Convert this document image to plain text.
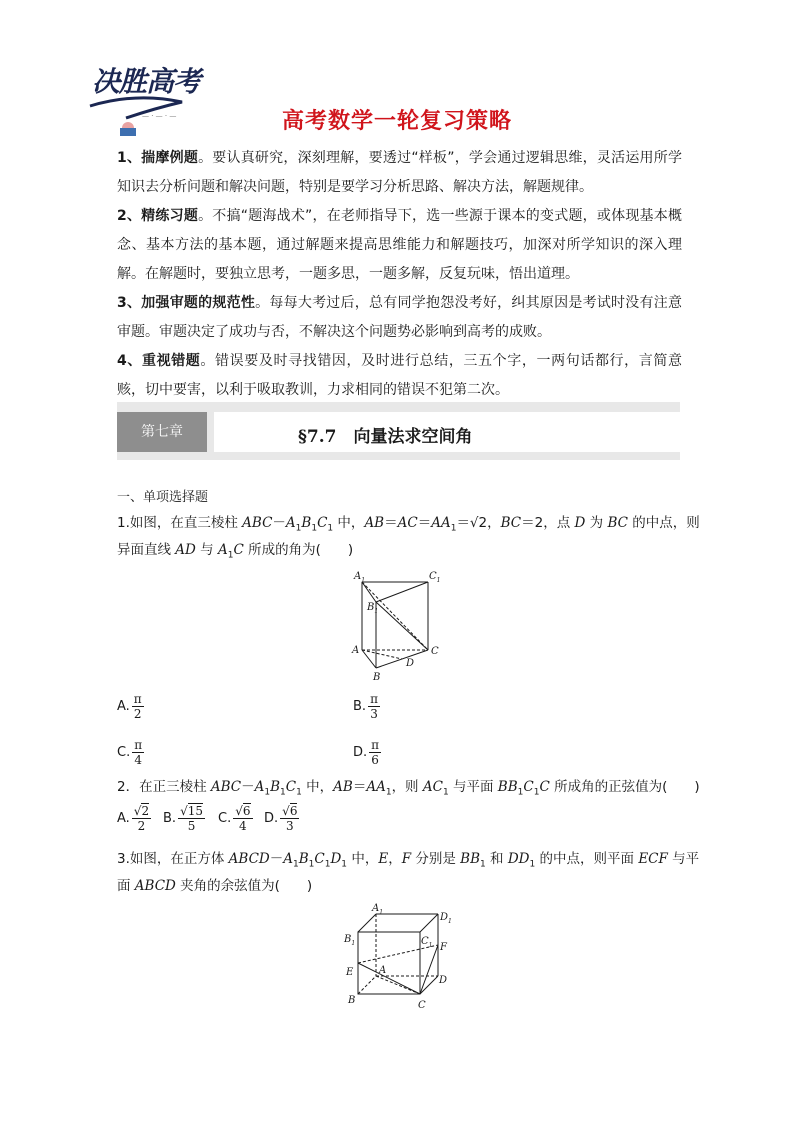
决胜高考
— · — · —	高考数学一轮复习策略

1、揣摩例题。要认真研究，深刻理解，要透过“样板”，学会通过逻辑思维，灵活运用所学知识去分析问题和解决问题，特别是要学习分析思路、解决方法，解题规律。

2、精练习题。不搞“题海战术”，在老师指导下，选一些源于课本的变式题，或体现基本概念、基本方法的基本题，通过解题来提高思维能力和解题技巧，加深对所学知识的深入理解。在解题时，要独立思考，一题多思，一题多解，反复玩味，悟出道理。

3、加强审题的规范性。每每大考过后，总有同学抱怨没考好，纠其原因是考试时没有注意审题。审题决定了成功与否，不解决这个问题势必影响到高考的成败。

4、重视错题。错误要及时寻找错因，及时进行总结，三五个字，一两句话都行，言简意赅，切中要害，以利于吸取教训，力求相同的错误不犯第二次。

第七章	§7.7　向量法求空间角
一、单项选择题
1.如图，在直三棱柱 $ABC-A_1B_1C_1$ 中，$AB=AC=AA_1=√2$，BC＝2，点 D 为 BC 的中点，则
异面直线 AD 与 $A_1C$ 所成的角为(　　)
$A_1$	$C_1$
$B_1$
A	C
D
B
A. $\frac{\pi}{2}$	B. $\frac{\pi}{3}$
C. $\frac{\pi}{4}$	D. $\frac{\pi}{6}$
2．在正三棱柱 $ABC-A_1B_1C_1$ 中，$AB=AA_1$，则 $AC_1$ 与平面 $BB_1C_1C$ 所成角的正弦值为(　　)
A. $\frac{√2}{2} B$. $\frac{√15}{5} C$. $\frac{√6}{4} D$. $\frac{√6}{3}$
3.如图，在正方体 $ABCD-A_1B_1C_1D_1$ 中，E，F 分别是 $BB_1$ 和 $DD_1$ 的中点，则平面 ECF 与平
面 ABCD 夹角的余弦值为(　　)
$A_1$	$D_1$
$B_1$	$C_1$ F
E	A
D
B	C
